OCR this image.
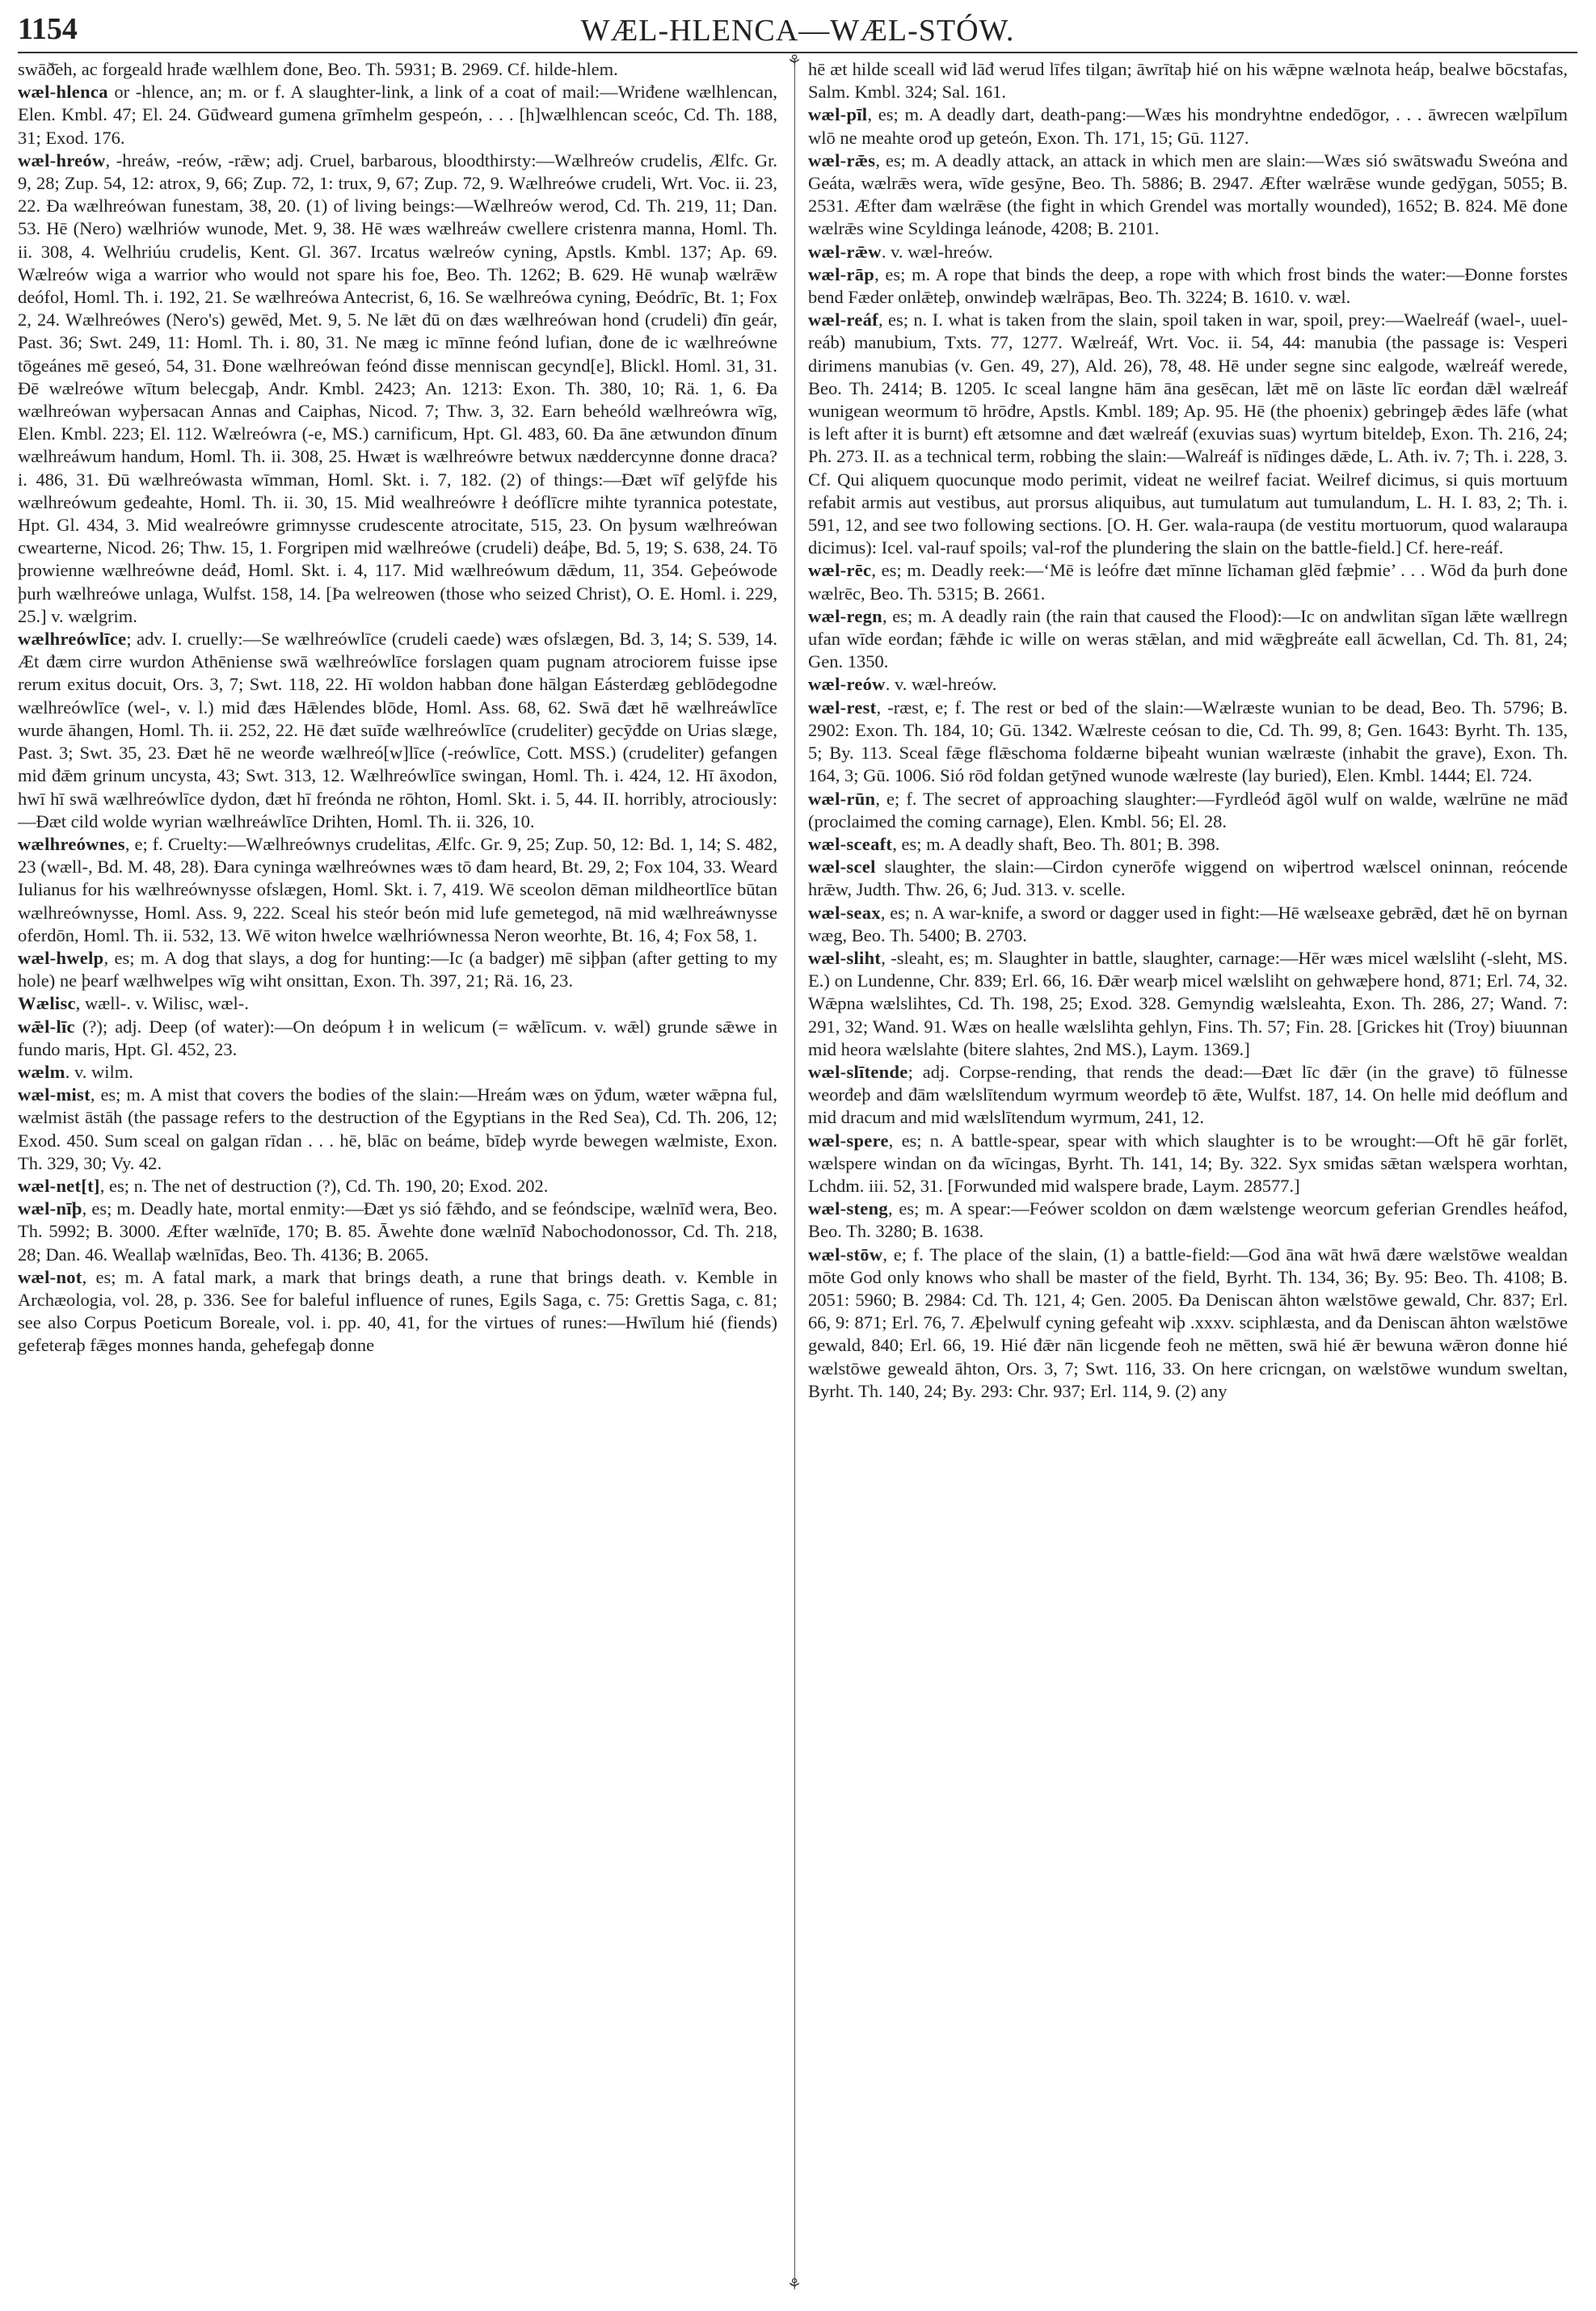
1154	WÆL-HLENCA—WÆL-STÓW.

swāð̄eh, ac forgeald hrađe wælhlem đone, Beo. Th. 5931; B. 2969. Cf. hilde-hlem.

wæl-hlenca or -hlence, an; m. or f. A slaughter-link, a link of a coat of mail:—Wriđene wælhlencan, Elen. Kmbl. 47; El. 24. Gūđweard gumena grīmhelm gespeón, . . . [h]wælhlencan sceóc, Cd. Th. 188, 31; Exod. 176.

wæl-hreów, -hreáw, -reów, -rǣw; adj. Cruel, barbarous, bloodthirsty:—Wælhreów crudelis, Ælfc. Gr. 9, 28; Zup. 54, 12: atrox, 9, 66; Zup. 72, 1: trux, 9, 67; Zup. 72, 9. Wælhreówe crudeli, Wrt. Voc. ii. 23, 22. Đa wælhreówan funestam, 38, 20. (1) of living beings:—Wælhreów werod, Cd. Th. 219, 11; Dan. 53. Hē (Nero) wælhriów wunode, Met. 9, 38. Hē wæs wælhreáw cwellere cristenra manna, Homl. Th. ii. 308, 4. Welhriúu crudelis, Kent. Gl. 367. Ircatus wælreów cyning, Apstls. Kmbl. 137; Ap. 69. Wælreów wiga a warrior who would not spare his foe, Beo. Th. 1262; B. 629. Hē wunaþ wælrǣw deófol, Homl. Th. i. 192, 21. Se wælhreówa Antecrist, 6, 16. Se wælhreówa cyning, Đeódrīc, Bt. 1; Fox 2, 24. Wælhreówes (Nero's) gewēd, Met. 9, 5. Ne lǣt đū on đæs wælhreówan hond (crudeli) đīn geár, Past. 36; Swt. 249, 11: Homl. Th. i. 80, 31. Ne mæg ic mīnne feónd lufian, đone đe ic wælhreówne tōgeánes mē geseó, 54, 31. Đone wælhreówan feónd đisse menniscan gecynd[e], Blickl. Homl. 31, 31. Đē wælreówe wītum belecgaþ, Andr. Kmbl. 2423; An. 1213: Exon. Th. 380, 10; Rä. 1, 6. Đa wælhreówan wyþersacan Annas and Caiphas, Nicod. 7; Thw. 3, 32. Earn beheóld wælhreówra wīg, Elen. Kmbl. 223; El. 112. Wælreówra (-e, MS.) carnificum, Hpt. Gl. 483, 60. Đa āne ætwundon đīnum wælhreáwum handum, Homl. Th. ii. 308, 25. Hwæt is wælhreówre betwux næddercynne đonne draca? i. 486, 31. Đū wælhreówasta wīmman, Homl. Skt. i. 7, 182. (2) of things:—Đæt wīf gelȳfde his wælhreówum geđeahte, Homl. Th. ii. 30, 15. Mid wealhreówre ł deóflīcre mihte tyrannica potestate, Hpt. Gl. 434, 3. Mid wealreówre grimnysse crudescente atrocitate, 515, 23. On þysum wælhreówan cwearterne, Nicod. 26; Thw. 15, 1. Forgripen mid wælhreówe (crudeli) deáþe, Bd. 5, 19; S. 638, 24. Tō þrowienne wælhreówne deáđ, Homl. Skt. i. 4, 117. Mid wælhreówum dǣdum, 11, 354. Geþeówode þurh wælhreówe unlaga, Wulfst. 158, 14. [Þa welreowen (those who seized Christ), O. E. Homl. i. 229, 25.] v. wælgrim.

wælhreówlīce; adv. I. cruelly:—Se wælhreówlīce (crudeli caede) wæs ofslægen, Bd. 3, 14; S. 539, 14. Æt đæm cirre wurdon Athēniense swā wælhreówlīce forslagen quam pugnam atrociorem fuisse ipse rerum exitus docuit, Ors. 3, 7; Swt. 118, 22. Hī woldon habban đone hālgan Eásterdæg geblōdegodne wælhreówlīce (wel-, v. l.) mid đæs Hǣlendes blōde, Homl. Ass. 68, 62. Swā đæt hē wælhreáwlīce wurde āhangen, Homl. Th. ii. 252, 22. Hē đæt suīđe wælhreówlīce (crudeliter) gecȳđde on Urias slæge, Past. 3; Swt. 35, 23. Đæt hē ne weorđe wælhreó[w]līce (-reówlīce, Cott. MSS.) (crudeliter) gefangen mid đǣm grinum uncysta, 43; Swt. 313, 12. Wælhreówlīce swingan, Homl. Th. i. 424, 12. Hī āxodon, hwī hī swā wælhreówlīce dydon, đæt hī freónda ne rōhton, Homl. Skt. i. 5, 44. II. horribly, atrociously:—Đæt cild wolde wyrian wælhreáwlīce Drihten, Homl. Th. ii. 326, 10.

wælhreównes, e; f. Cruelty:—Wælhreównys crudelitas, Ælfc. Gr. 9, 25; Zup. 50, 12: Bd. 1, 14; S. 482, 23 (wæll-, Bd. M. 48, 28). Đara cyninga wælhreównes wæs tō đam heard, Bt. 29, 2; Fox 104, 33. Weard Iulianus for his wælhreównysse ofslægen, Homl. Skt. i. 7, 419. Wē sceolon dēman mildheortlīce būtan wælhreównysse, Homl. Ass. 9, 222. Sceal his steór beón mid lufe gemetegod, nā mid wælhreáwnysse oferdōn, Homl. Th. ii. 532, 13. Wē witon hwelce wælhriównessa Neron weorhte, Bt. 16, 4; Fox 58, 1.

wæl-hwelp, es; m. A dog that slays, a dog for hunting:—Ic (a badger) mē siþþan (after getting to my hole) ne þearf wælhwelpes wīg wiht onsittan, Exon. Th. 397, 21; Rä. 16, 23.

Wælisc, wæll-. v. Wilisc, wæl-.

wǣl-līc (?); adj. Deep (of water):—On deópum ł in welicum (= wǣlīcum. v. wǣl) grunde sǣwe in fundo maris, Hpt. Gl. 452, 23.

wælm. v. wilm.

wæl-mist, es; m. A mist that covers the bodies of the slain:—Hreám wæs on ȳđum, wæter wǣpna ful, wælmist āstāh (the passage refers to the destruction of the Egyptians in the Red Sea), Cd. Th. 206, 12; Exod. 450. Sum sceal on galgan rīdan . . . hē, blāc on beáme, bīdeþ wyrde bewegen wælmiste, Exon. Th. 329, 30; Vy. 42.

wæl-net[t], es; n. The net of destruction (?), Cd. Th. 190, 20; Exod. 202.

wæl-nīþ, es; m. Deadly hate, mortal enmity:—Đæt ys sió fǣhđo, and se feóndscipe, wælnīđ wera, Beo. Th. 5992; B. 3000. Æfter wælnīđe, 170; B. 85. Āwehte đone wælnīđ Nabochodonossor, Cd. Th. 218, 28; Dan. 46. Weallaþ wælnīđas, Beo. Th. 4136; B. 2065.

wæl-not, es; m. A fatal mark, a mark that brings death, a rune that brings death. v. Kemble in Archæologia, vol. 28, p. 336. See for baleful influence of runes, Egils Saga, c. 75: Grettis Saga, c. 81; see also Corpus Poeticum Boreale, vol. i. pp. 40, 41, for the virtues of runes:—Hwīlum hié (fiends) gefeteraþ fǣges monnes handa, gehefegaþ đonne

⚘
⚘

hē æt hilde sceall wiđ lāđ werud līfes tilgan; āwrītaþ hié on his wǣpne wælnota heáp, bealwe bōcstafas, Salm. Kmbl. 324; Sal. 161.

wæl-pīl, es; m. A deadly dart, death-pang:—Wæs his mondryhtne endedōgor, . . . āwrecen wælpīlum wlō ne meahte orođ up geteón, Exon. Th. 171, 15; Gū. 1127.

wæl-rǣs, es; m. A deadly attack, an attack in which men are slain:—Wæs sió swātswađu Sweóna and Geáta, wælrǣs wera, wīde gesȳne, Beo. Th. 5886; B. 2947. Æfter wælrǣse wunde gedȳgan, 5055; B. 2531. Æfter đam wælrǣse (the fight in which Grendel was mortally wounded), 1652; B. 824. Mē đone wælrǣs wine Scyldinga leánode, 4208; B. 2101.

wæl-rǣw. v. wæl-hreów.

wæl-rāp, es; m. A rope that binds the deep, a rope with which frost binds the water:—Đonne forstes bend Fæder onlǣteþ, onwindeþ wælrāpas, Beo. Th. 3224; B. 1610. v. wæl.

wæl-reáf, es; n. I. what is taken from the slain, spoil taken in war, spoil, prey:—Waelreáf (wael-, uuel-reáb) manubium, Txts. 77, 1277. Wælreáf, Wrt. Voc. ii. 54, 44: manubia (the passage is: Vesperi dirimens manubias (v. Gen. 49, 27), Ald. 26), 78, 48. Hē under segne sinc ealgode, wælreáf werede, Beo. Th. 2414; B. 1205. Ic sceal langne hām āna gesēcan, lǣt mē on lāste līc eorđan dǣl wælreáf wunigean weormum tō hrōđre, Apstls. Kmbl. 189; Ap. 95. Hē (the phoenix) gebringeþ ǣdes lāfe (what is left after it is burnt) eft ætsomne and đæt wælreáf (exuvias suas) wyrtum biteldeþ, Exon. Th. 216, 24; Ph. 273. II. as a technical term, robbing the slain:—Walreáf is nīđinges dǣde, L. Ath. iv. 7; Th. i. 228, 3. Cf. Qui aliquem quocunque modo perimit, videat ne weilref faciat. Weilref dicimus, si quis mortuum refabit armis aut vestibus, aut prorsus aliquibus, aut tumulatum aut tumulandum, L. H. I. 83, 2; Th. i. 591, 12, and see two following sections. [O. H. Ger. wala-raupa (de vestitu mortuorum, quod walaraupa dicimus): Icel. val-rauf spoils; val-rof the plundering the slain on the battle-field.] Cf. here-reáf.

wæl-rēc, es; m. Deadly reek:—‘Mē is leófre đæt mīnne līchaman glēd fæþmie’ . . . Wōd đa þurh đone wælrēc, Beo. Th. 5315; B. 2661.

wæl-regn, es; m. A deadly rain (the rain that caused the Flood):—Ic on andwlitan sīgan lǣte wællregn ufan wīde eorđan; fǣhđe ic wille on weras stǣlan, and mid wǣgþreáte eall ācwellan, Cd. Th. 81, 24; Gen. 1350.

wæl-reów. v. wæl-hreów.

wæl-rest, -ræst, e; f. The rest or bed of the slain:—Wælræste wunian to be dead, Beo. Th. 5796; B. 2902: Exon. Th. 184, 10; Gū. 1342. Wælreste ceósan to die, Cd. Th. 99, 8; Gen. 1643: Byrht. Th. 135, 5; By. 113. Sceal fǣge flǣschoma foldærne biþeaht wunian wælræste (inhabit the grave), Exon. Th. 164, 3; Gū. 1006. Sió rōd foldan getȳned wunode wælreste (lay buried), Elen. Kmbl. 1444; El. 724.

wæl-rūn, e; f. The secret of approaching slaughter:—Fyrdleóđ āgōl wulf on walde, wælrūne ne māđ (proclaimed the coming carnage), Elen. Kmbl. 56; El. 28.

wæl-sceaft, es; m. A deadly shaft, Beo. Th. 801; B. 398.

wæl-scel slaughter, the slain:—Cirdon cynerōfe wiggend on wiþertrod wælscel oninnan, reócende hrǣw, Judth. Thw. 26, 6; Jud. 313. v. scelle.

wæl-seax, es; n. A war-knife, a sword or dagger used in fight:—Hē wælseaxe gebrǣd, đæt hē on byrnan wæg, Beo. Th. 5400; B. 2703.

wæl-sliht, -sleaht, es; m. Slaughter in battle, slaughter, carnage:—Hēr wæs micel wælsliht (-sleht, MS. E.) on Lundenne, Chr. 839; Erl. 66, 16. Đǣr wearþ micel wælsliht on gehwæþere hond, 871; Erl. 74, 32. Wǣpna wælslihtes, Cd. Th. 198, 25; Exod. 328. Gemyndig wælsleahta, Exon. Th. 286, 27; Wand. 7: 291, 32; Wand. 91. Wæs on healle wælslihta gehlyn, Fins. Th. 57; Fin. 28. [Grickes hit (Troy) biuunnan mid heora wælslahte (bitere slahtes, 2nd MS.), Laym. 1369.]

wæl-slītende; adj. Corpse-rending, that rends the dead:—Đæt līc đǣr (in the grave) tō fūlnesse weorđeþ and đām wælslītendum wyrmum weorđeþ tō ǣte, Wulfst. 187, 14. On helle mid deóflum and mid dracum and mid wælslītendum wyrmum, 241, 12.

wæl-spere, es; n. A battle-spear, spear with which slaughter is to be wrought:—Oft hē gār forlēt, wælspere windan on đa wīcingas, Byrht. Th. 141, 14; By. 322. Syx smiđas sǣtan wælspera worhtan, Lchdm. iii. 52, 31. [Forwunded mid walspere brade, Laym. 28577.]

wæl-steng, es; m. A spear:—Feówer scoldon on đæm wælstenge weorcum geferian Grendles heáfod, Beo. Th. 3280; B. 1638.

wæl-stōw, e; f. The place of the slain, (1) a battle-field:—God āna wāt hwā đære wælstōwe wealdan mōte God only knows who shall be master of the field, Byrht. Th. 134, 36; By. 95: Beo. Th. 4108; B. 2051: 5960; B. 2984: Cd. Th. 121, 4; Gen. 2005. Đa Deniscan āhton wælstōwe gewald, Chr. 837; Erl. 66, 9: 871; Erl. 76, 7. Æþelwulf cyning gefeaht wiþ .xxxv. sciphlæsta, and đa Deniscan āhton wælstōwe gewald, 840; Erl. 66, 19. Hié đǣr nān licgende feoh ne mētten, swā hié ǣr bewuna wǣron đonne hié wælstōwe geweald āhton, Ors. 3, 7; Swt. 116, 33. On here cricngan, on wælstōwe wundum sweltan, Byrht. Th. 140, 24; By. 293: Chr. 937; Erl. 114, 9. (2) any
